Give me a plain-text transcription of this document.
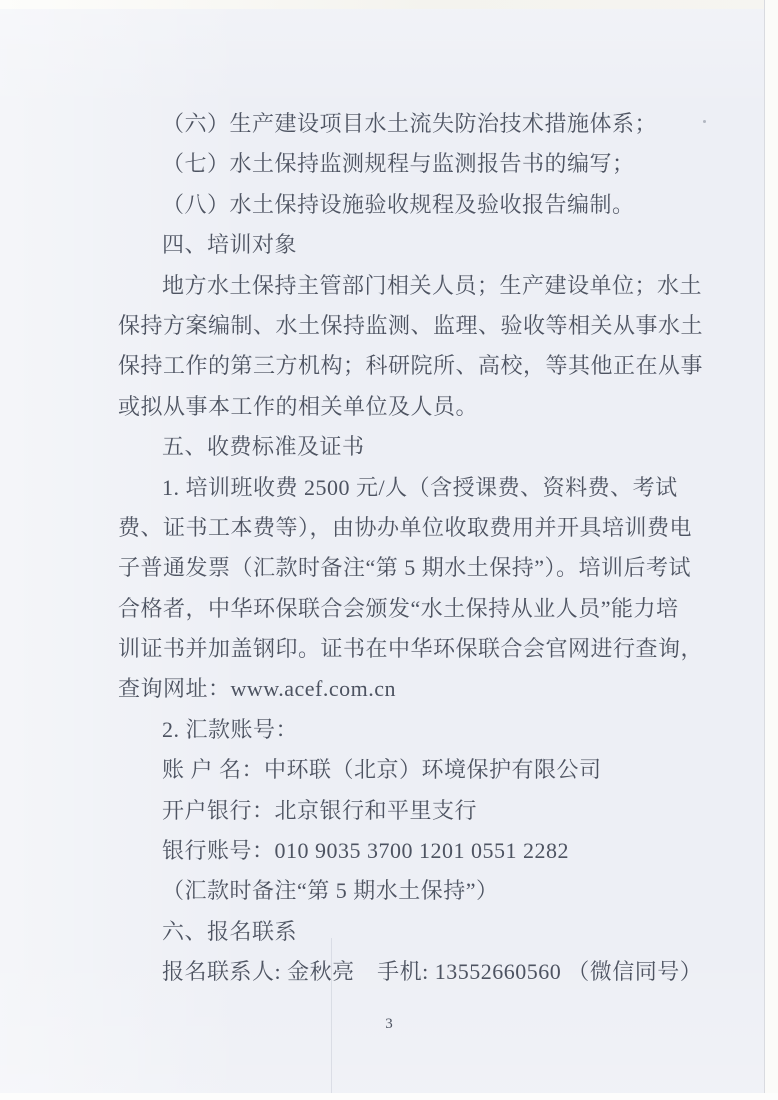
（六）生产建设项目水土流失防治技术措施体系；
（七）水土保持监测规程与监测报告书的编写；
（八）水土保持设施验收规程及验收报告编制。
四、培训对象
地方水土保持主管部门相关人员；生产建设单位；水土
保持方案编制、水土保持监测、监理、验收等相关从事水土
保持工作的第三方机构；科研院所、高校，等其他正在从事
或拟从事本工作的相关单位及人员。
五、收费标准及证书
1. 培训班收费 2500 元/人（含授课费、资料费、考试
费、证书工本费等），由协办单位收取费用并开具培训费电
子普通发票（汇款时备注“第 5 期水土保持”）。培训后考试
合格者，中华环保联合会颁发“水土保持从业人员”能力培
训证书并加盖钢印。证书在中华环保联合会官网进行查询，
查询网址：www.acef.com.cn
2. 汇款账号：
账 户 名：中环联（北京）环境保护有限公司
开户银行：北京银行和平里支行
银行账号：010 9035 3700 1201 0551 2282
（汇款时备注“第 5 期水土保持”）
六、报名联系
报名联系人: 金秋亮　手机: 13552660560 （微信同号）
3
